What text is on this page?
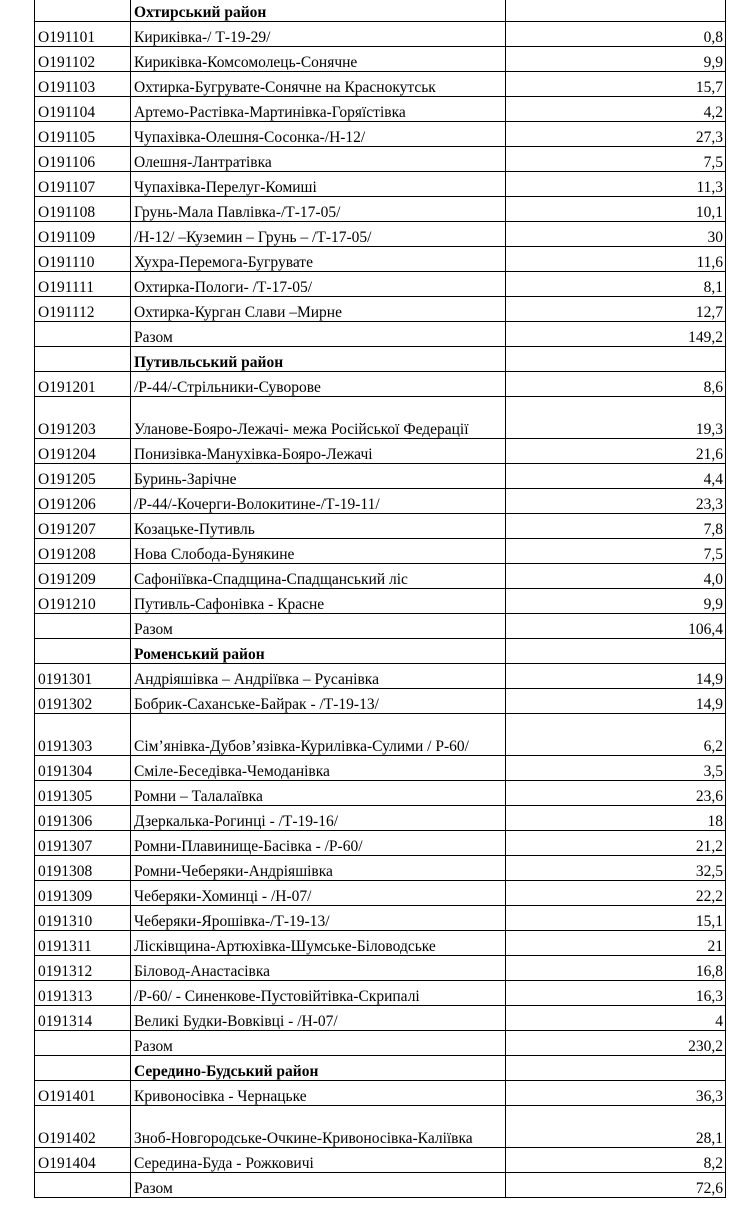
	Охтирський район	
О191101	Кириківка-/ Т-19-29/	0,8
О191102	Кириківка-Комсомолець-Сонячне	9,9
О191103	Охтирка-Бугрувате-Сонячне на Краснокутськ	15,7
О191104	Артемо-Растівка-Мартинівка-Горяїстівка	4,2
О191105	Чупахівка-Олешня-Сосонка-/Н-12/	27,3
О191106	Олешня-Лантратівка	7,5
О191107	Чупахівка-Перелуг-Комиші	11,3
О191108	Грунь-Мала Павлівка-/Т-17-05/	10,1
О191109	/Н-12/ –Куземин – Грунь – /Т-17-05/	30
О191110	Хухра-Перемога-Бугрувате	11,6
О191111	Охтирка-Пологи- /Т-17-05/	8,1
О191112	Охтирка-Курган Слави –Мирне	12,7
	Разом	149,2
	Путивльський район	
О191201	/Р-44/-Стрільники-Суворове	8,6
О191203	Уланове-Бояро-Лежачі- межа Російської Федерації	19,3
О191204	Понизівка-Манухівка-Бояро-Лежачі	21,6
О191205	Буринь-Зарічне	4,4
О191206	/Р-44/-Кочерги-Волокитине-/Т-19-11/	23,3
О191207	Козацьке-Путивль	7,8
О191208	Нова Слобода-Бунякине	7,5
О191209	Сафоніївка-Спадщина-Спадщанський ліс	4,0
О191210	Путивль-Сафонівка - Красне	9,9
	Разом	106,4
	Роменський район	
0191301	Андріяшівка – Андріївка – Русанівка	14,9
0191302	Бобрик-Саханське-Байрак - /Т-19-13/	14,9
0191303	Сім’янівка-Дубов’язівка-Курилівка-Сулими / Р-60/	6,2
0191304	Сміле-Беседівка-Чемоданівка	3,5
0191305	Ромни – Талалаївка	23,6
0191306	Дзеркалька-Рогинці - /Т-19-16/	18
0191307	Ромни-Плавинище-Басівка - /Р-60/	21,2
0191308	Ромни-Чеберяки-Андріяшівка	32,5
0191309	Чеберяки-Хоминці - /Н-07/	22,2
0191310	Чеберяки-Ярошівка-/Т-19-13/	15,1
0191311	Лісківщина-Артюхівка-Шумське-Біловодське	21
0191312	Біловод-Анастасівка	16,8
0191313	/Р-60/ - Синенкове-Пустовійтівка-Скрипалі	16,3
0191314	Великі Будки-Вовківці - /Н-07/	4
	Разом	230,2
	Середино-Будський район	
О191401	Кривоносівка - Чернацьке	36,3
О191402	Зноб-Новгородське-Очкине-Кривоносівка-Каліївка	28,1
О191404	Середина-Буда - Рожковичі	8,2
	Разом	72,6
